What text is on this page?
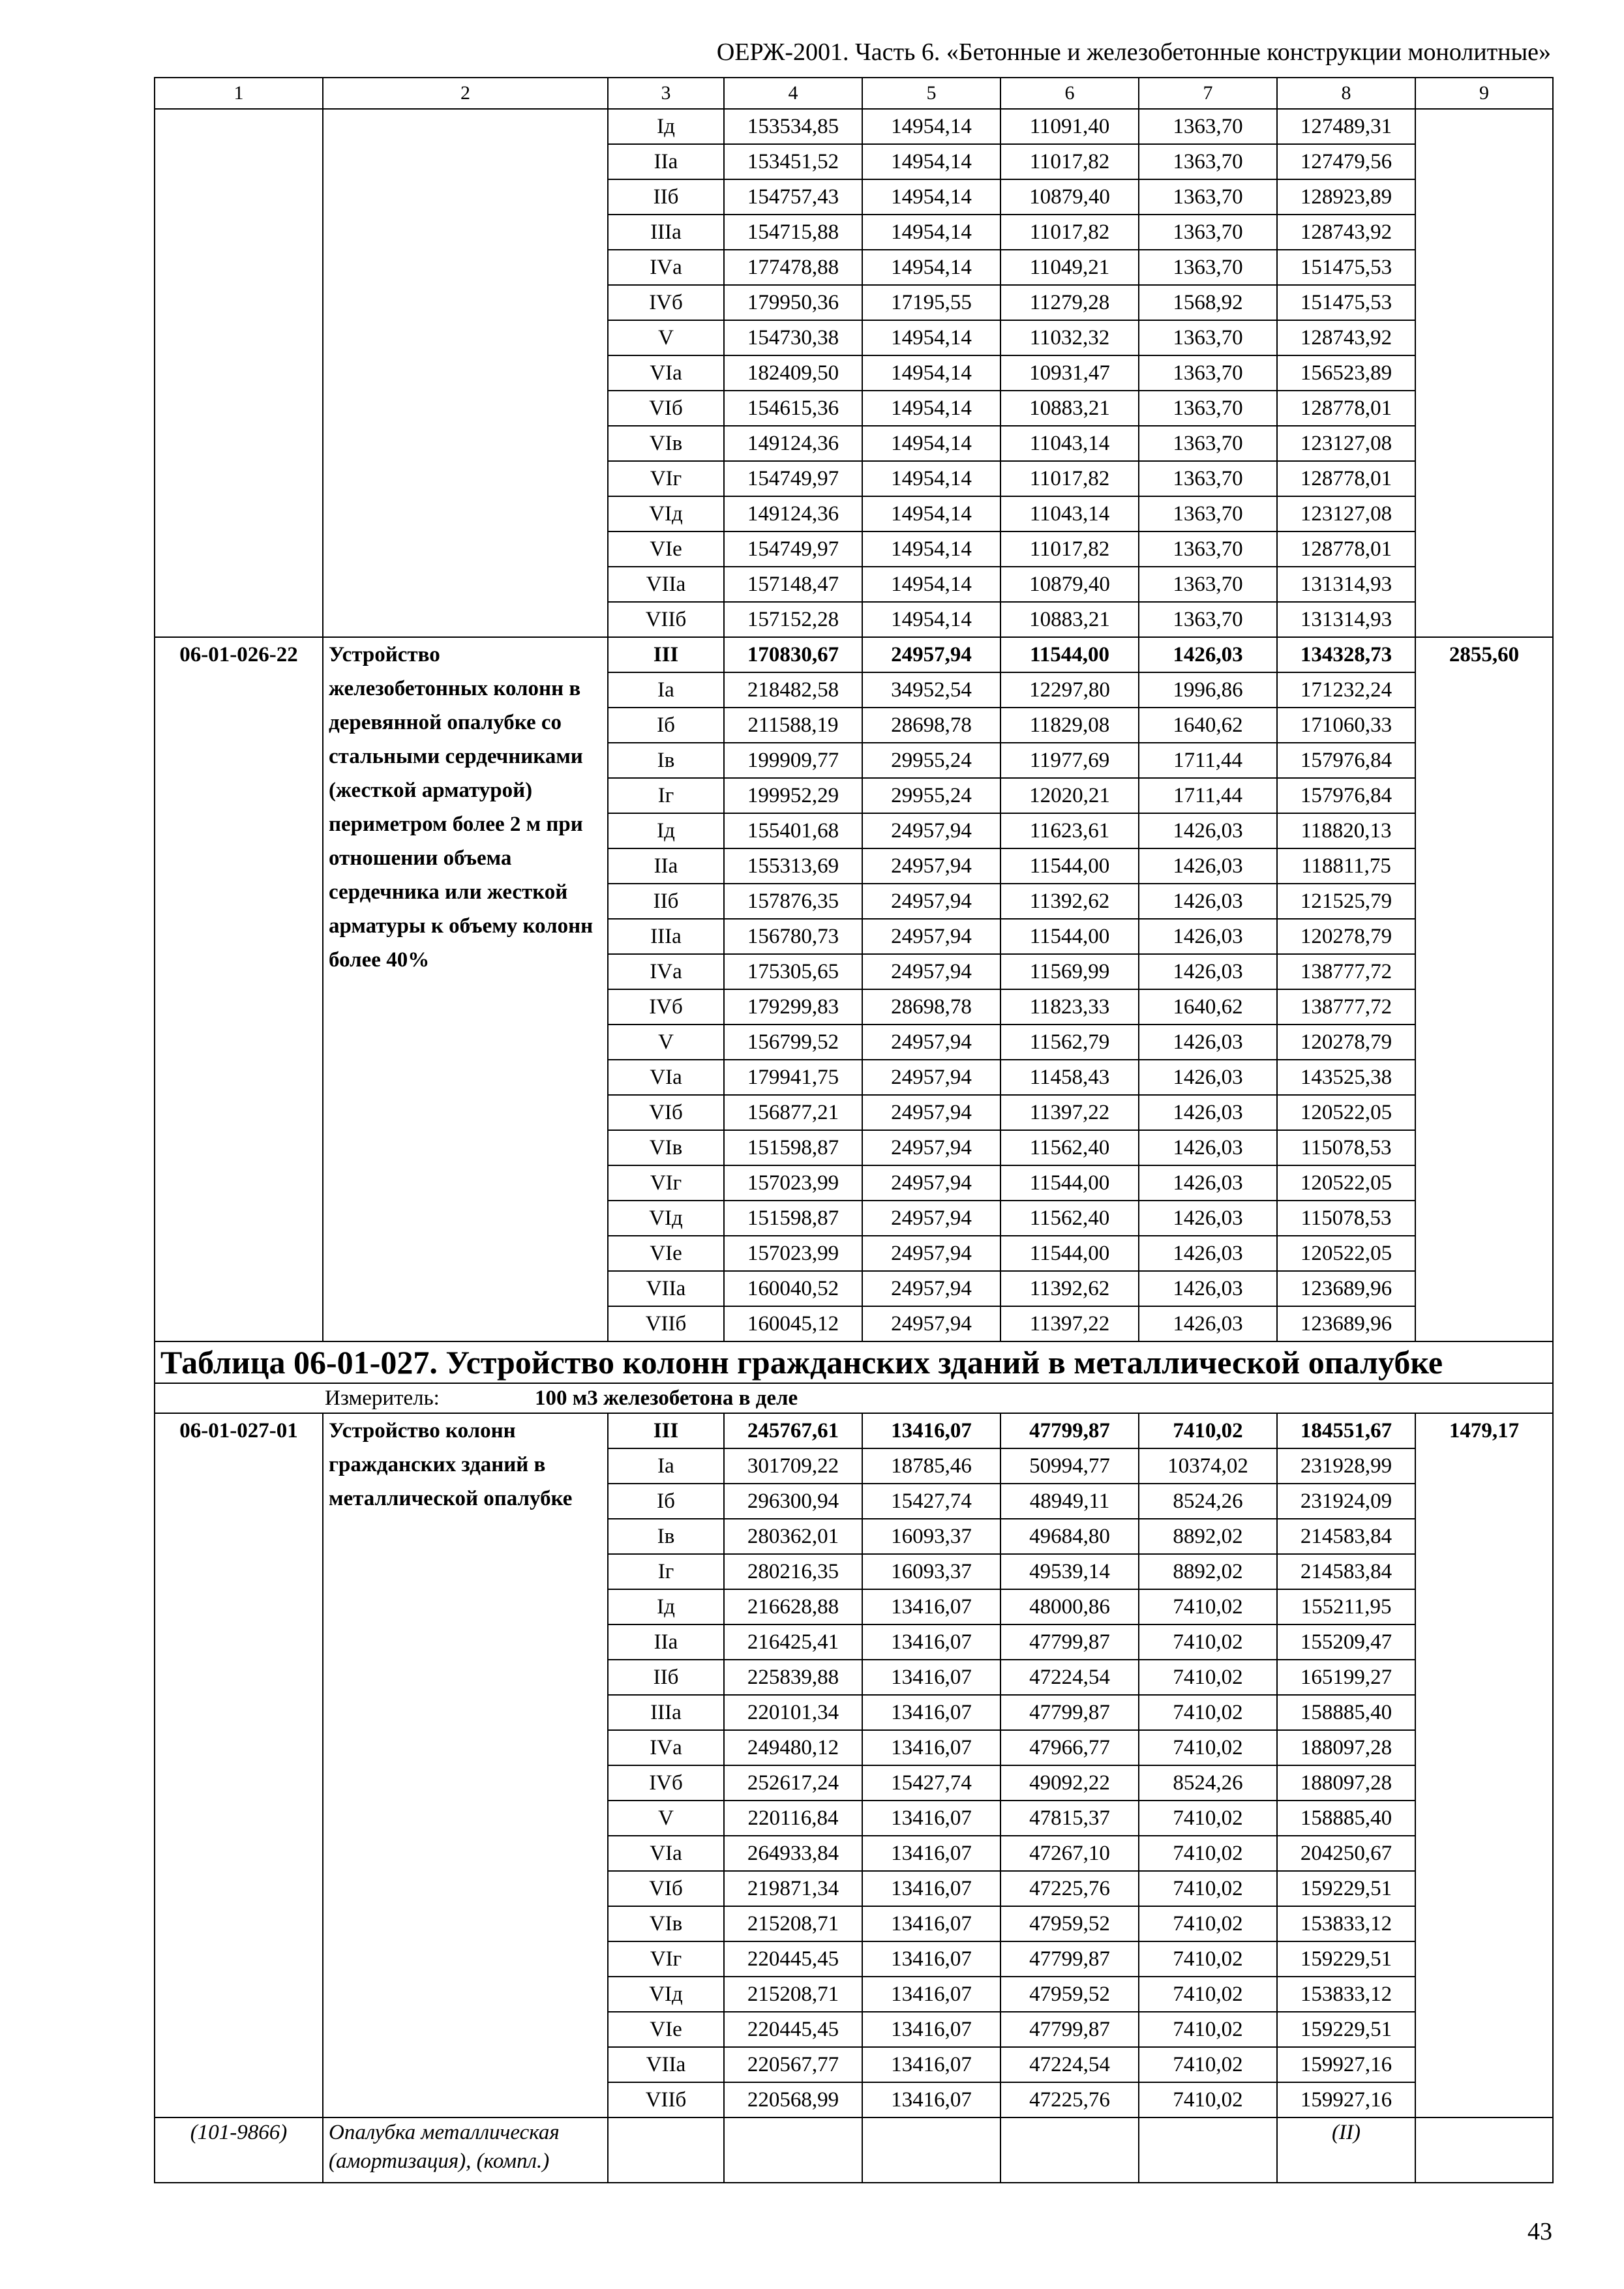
ОЕРЖ-2001. Часть 6. «Бетонные и железобетонные конструкции монолитные»
1	2	3	4	5	6	7	8	9
		Iд	153534,85	14954,14	11091,40	1363,70	127489,31	
		IIа	153451,52	14954,14	11017,82	1363,70	127479,56	
		IIб	154757,43	14954,14	10879,40	1363,70	128923,89	
		IIIа	154715,88	14954,14	11017,82	1363,70	128743,92	
		IVа	177478,88	14954,14	11049,21	1363,70	151475,53	
		IVб	179950,36	17195,55	11279,28	1568,92	151475,53	
		V	154730,38	14954,14	11032,32	1363,70	128743,92	
		VIа	182409,50	14954,14	10931,47	1363,70	156523,89	
		VIб	154615,36	14954,14	10883,21	1363,70	128778,01	
		VIв	149124,36	14954,14	11043,14	1363,70	123127,08	
		VIг	154749,97	14954,14	11017,82	1363,70	128778,01	
		VIд	149124,36	14954,14	11043,14	1363,70	123127,08	
		VIе	154749,97	14954,14	11017,82	1363,70	128778,01	
		VIIа	157148,47	14954,14	10879,40	1363,70	131314,93	
		VIIб	157152,28	14954,14	10883,21	1363,70	131314,93	
06-01-026-22	Устройство железобетонных колонн в деревянной опалубке со стальными сердечниками (жесткой арматурой) периметром более 2 м при отношении объема сердечника или жесткой арматуры к объему колонн более 40%	III	170830,67	24957,94	11544,00	1426,03	134328,73	2855,60
		Iа	218482,58	34952,54	12297,80	1996,86	171232,24	
		Iб	211588,19	28698,78	11829,08	1640,62	171060,33	
		Iв	199909,77	29955,24	11977,69	1711,44	157976,84	
		Iг	199952,29	29955,24	12020,21	1711,44	157976,84	
		Iд	155401,68	24957,94	11623,61	1426,03	118820,13	
		IIа	155313,69	24957,94	11544,00	1426,03	118811,75	
		IIб	157876,35	24957,94	11392,62	1426,03	121525,79	
		IIIа	156780,73	24957,94	11544,00	1426,03	120278,79	
		IVа	175305,65	24957,94	11569,99	1426,03	138777,72	
		IVб	179299,83	28698,78	11823,33	1640,62	138777,72	
		V	156799,52	24957,94	11562,79	1426,03	120278,79	
		VIа	179941,75	24957,94	11458,43	1426,03	143525,38	
		VIб	156877,21	24957,94	11397,22	1426,03	120522,05	
		VIв	151598,87	24957,94	11562,40	1426,03	115078,53	
		VIг	157023,99	24957,94	11544,00	1426,03	120522,05	
		VIд	151598,87	24957,94	11562,40	1426,03	115078,53	
		VIе	157023,99	24957,94	11544,00	1426,03	120522,05	
		VIIа	160040,52	24957,94	11392,62	1426,03	123689,96	
		VIIб	160045,12	24957,94	11397,22	1426,03	123689,96	
Таблица 06-01-027. Устройство колонн гражданских зданий в металлической опалубке								
Измеритель: 100 м3 железобетона в деле								
06-01-027-01	Устройство колонн гражданских зданий в металлической опалубке	III	245767,61	13416,07	47799,87	7410,02	184551,67	1479,17
		Iа	301709,22	18785,46	50994,77	10374,02	231928,99	
		Iб	296300,94	15427,74	48949,11	8524,26	231924,09	
		Iв	280362,01	16093,37	49684,80	8892,02	214583,84	
		Iг	280216,35	16093,37	49539,14	8892,02	214583,84	
		Iд	216628,88	13416,07	48000,86	7410,02	155211,95	
		IIа	216425,41	13416,07	47799,87	7410,02	155209,47	
		IIб	225839,88	13416,07	47224,54	7410,02	165199,27	
		IIIа	220101,34	13416,07	47799,87	7410,02	158885,40	
		IVа	249480,12	13416,07	47966,77	7410,02	188097,28	
		IVб	252617,24	15427,74	49092,22	8524,26	188097,28	
		V	220116,84	13416,07	47815,37	7410,02	158885,40	
		VIа	264933,84	13416,07	47267,10	7410,02	204250,67	
		VIб	219871,34	13416,07	47225,76	7410,02	159229,51	
		VIв	215208,71	13416,07	47959,52	7410,02	153833,12	
		VIг	220445,45	13416,07	47799,87	7410,02	159229,51	
		VIд	215208,71	13416,07	47959,52	7410,02	153833,12	
		VIе	220445,45	13416,07	47799,87	7410,02	159229,51	
		VIIа	220567,77	13416,07	47224,54	7410,02	159927,16	
		VIIб	220568,99	13416,07	47225,76	7410,02	159927,16	
(101-9866)	Опалубка металлическая (амортизация), (компл.)						(II)	
43
